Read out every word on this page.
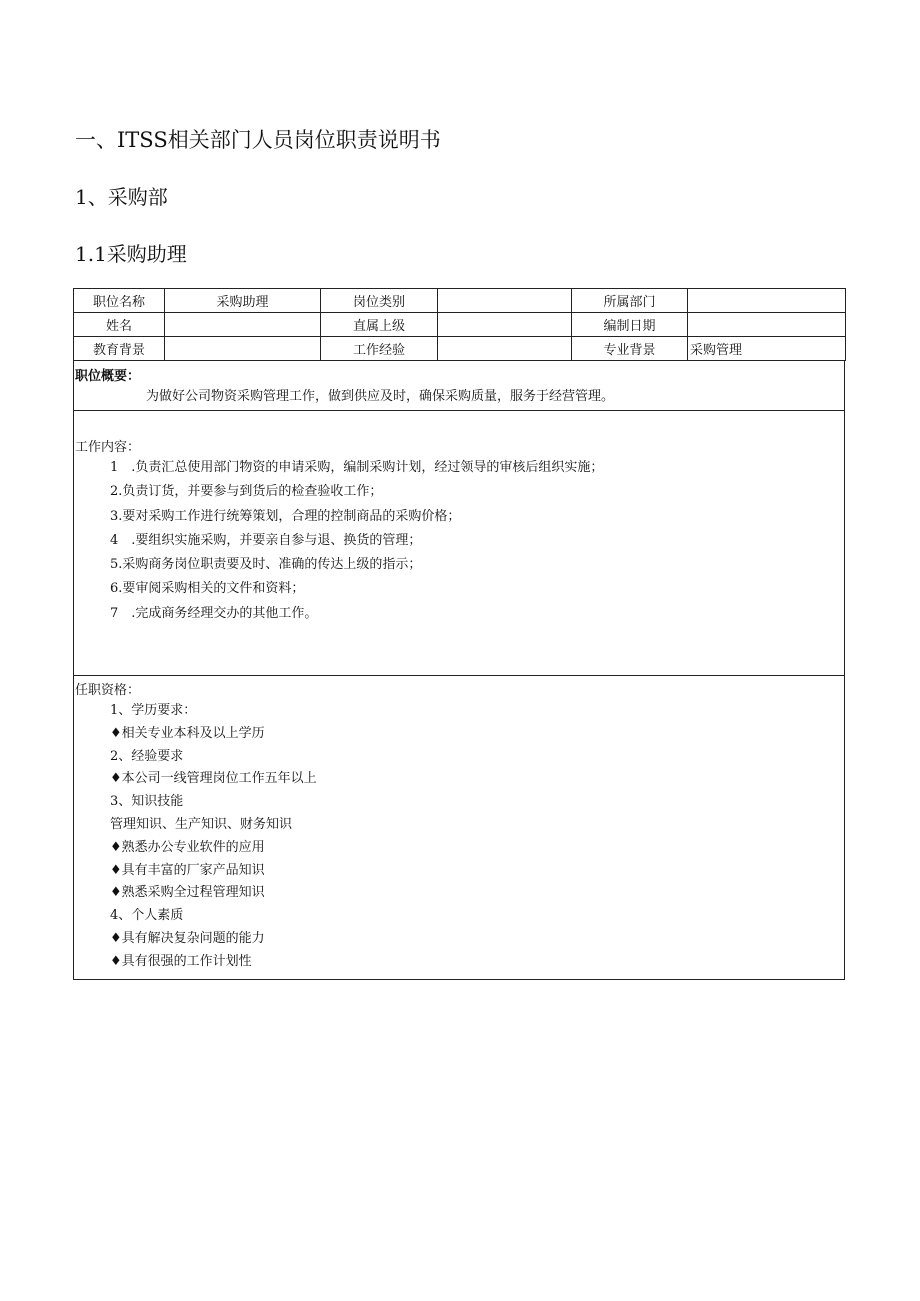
一、ITSS相关部门人员岗位职责说明书
1、采购部
1.1采购助理
职位名称	采购助理	岗位类别		所属部门	
姓名		直属上级		编制日期	
教育背景		工作经验		专业背景	采购管理
职位概要：
为做好公司物资采购管理工作，做到供应及时，确保采购质量，服务于经营管理。
工作内容：
1　.负责汇总使用部门物资的申请采购，编制采购计划，经过领导的审核后组织实施；
2.负责订货，并要参与到货后的检查验收工作；
3.要对采购工作进行统筹策划，合理的控制商品的采购价格；
4　.要组织实施采购，并要亲自参与退、换货的管理；
5.采购商务岗位职责要及时、准确的传达上级的指示；
6.要审阅采购相关的文件和资料；
7　.完成商务经理交办的其他工作。
任职资格：
1、学历要求：
♦相关专业本科及以上学历
2、经验要求
♦本公司一线管理岗位工作五年以上
3、知识技能
管理知识、生产知识、财务知识
♦熟悉办公专业软件的应用
♦具有丰富的厂家产品知识
♦熟悉采购全过程管理知识
4、个人素质
♦具有解决复杂问题的能力
♦具有很强的工作计划性
